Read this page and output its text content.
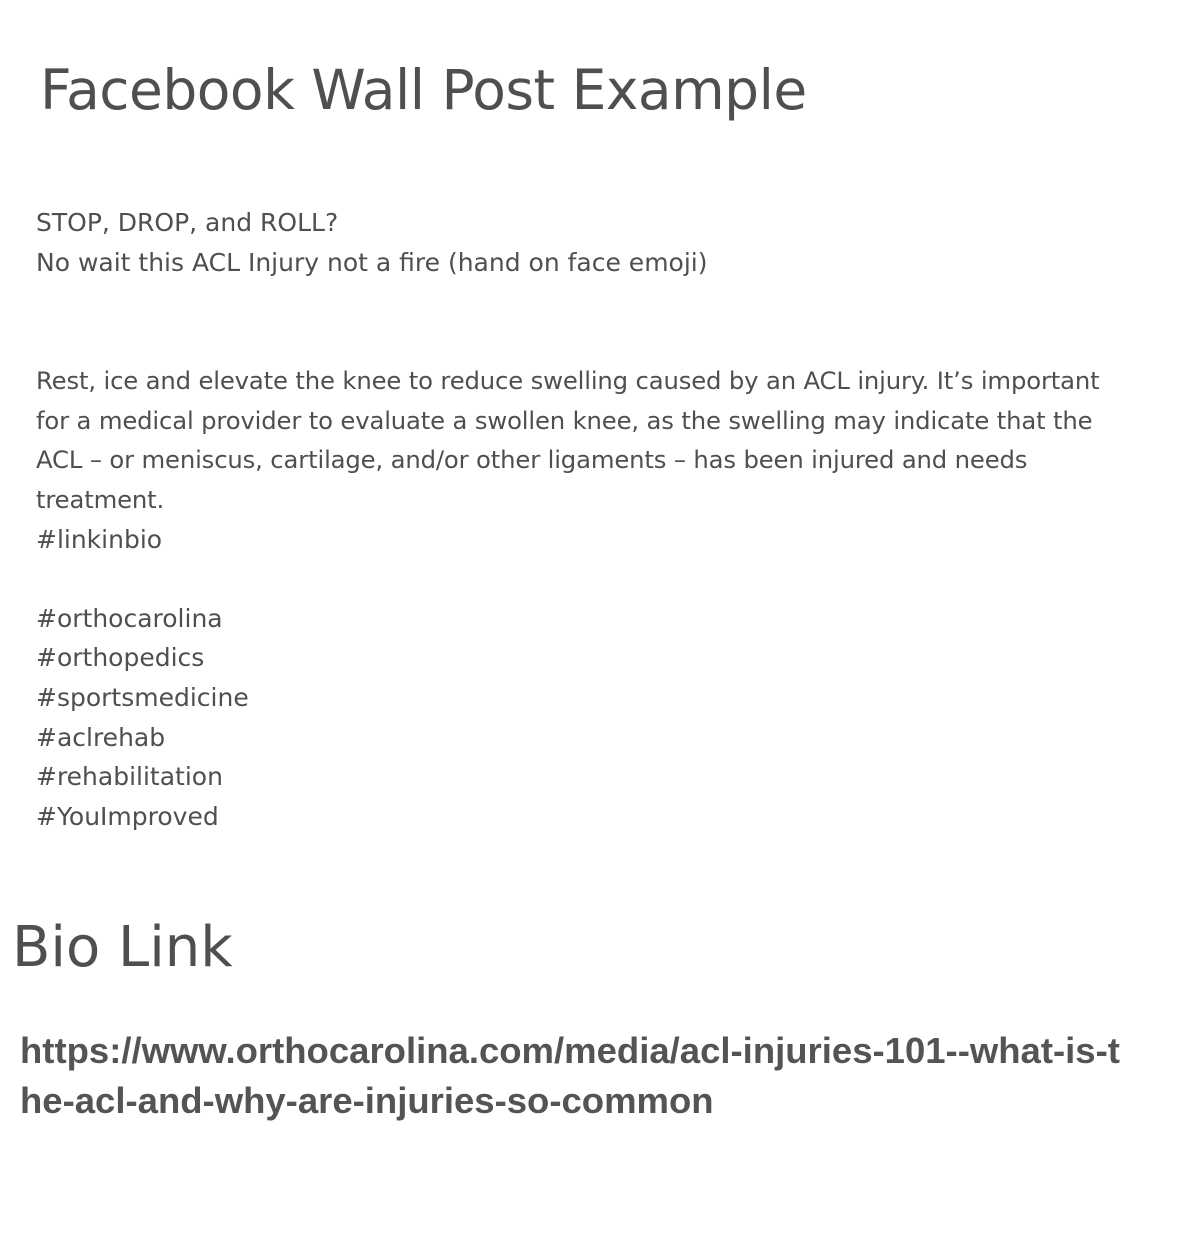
Facebook Wall Post Example
STOP, DROP, and ROLL?
No wait this ACL Injury not a fire (hand on face emoji)
Rest, ice and elevate the knee to reduce swelling caused by an ACL injury. It’s important for a medical provider to evaluate a swollen knee, as the swelling may indicate that the ACL – or meniscus, cartilage, and/or other ligaments – has been injured and needs treatment.
#linkinbio
#orthocarolina
#orthopedics
#sportsmedicine
#aclrehab
#rehabilitation
#YouImproved
Bio Link
https://www.orthocarolina.com/media/acl-injuries-101--what-is-the-acl-and-why-are-injuries-so-common
